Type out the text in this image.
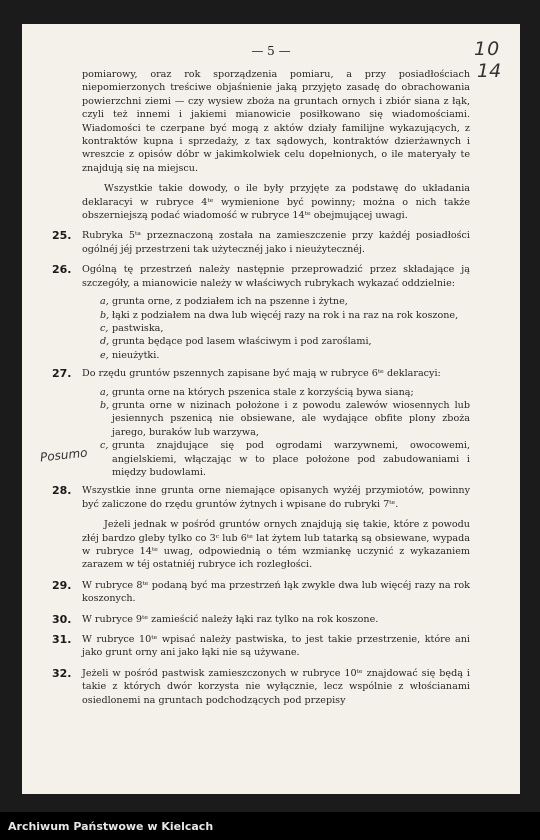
— 5 —	10
14
Posumo

pomiarowy, oraz rok sporządzenia pomiaru, a przy posiadłościach niepomierzonych treściwe objaśnienie jaką przyjęto zasadę do obrachowania powierzchni ziemi — czy wysiew zboża na gruntach ornych i zbiór siana z łąk, czyli też innemi i jakiemi mianowicie posiłkowano się wiadomościami. Wiadomości te czerpane być mogą z aktów działy familijne wykazujących, z kontraktów kupna i sprzedaży, z tax sądowych, kontraktów dzierżawnych i wreszcie z opisów dóbr w jakimkolwiek celu dopełnionych, o ile materyały te znajdują się na miejscu.

Wszystkie takie dowody, o ile były przyjęte za podstawę do układania deklaracyi w rubryce 4ᵗᵉ wymienione być powinny; można o nich także obszerniejszą podać wiadomość w rubryce 14ᵗᵉ obejmującej uwagi.

25.	Rubryka 5ᵗᵃ przeznaczoną została na zamieszczenie przy każdéj posiadłości ogólnéj jéj przestrzeni tak użytecznéj jako i nieużytecznéj.
26.	Ogólną tę przestrzeń należy następnie przeprowadzić przez składające ją szczegóły, a mianowicie należy w właściwych rubrykach wykazać oddzielnie:

a, grunta orne, z podziałem ich na pszenne i żytne,
b, łąki z podziałem na dwa lub więcéj razy na rok i na raz na rok koszone,
c, pastwiska,
d, grunta będące pod lasem właściwym i pod zaroślami,
e, nieużytki.
27.	Do rzędu gruntów pszennych zapisane być mają w rubryce 6ᵗᵉ deklaracyi:

a, grunta orne na których pszenica stale z korzyścią bywa sianą;
b, grunta orne w nizinach położone i z powodu zalewów wiosennych lub jesiennych pszenicą nie obsiewane, ale wydające obfite plony zboża jarego, buraków lub warzywa,
c, grunta znajdujące się pod ogrodami warzywnemi, owocowemi, angielskiemi, włączając w to place położone pod zabudowaniami i między budowlami.
28.	Wszystkie inne grunta orne niemające opisanych wyżéj przymiotów, powinny być zaliczone do rzędu gruntów żytnych i wpisane do rubryki 7ᵗᵉ.

Jeżeli jednak w pośród gruntów ornych znajdują się takie, które z powodu złéj bardzo gleby tylko co 3ᶜ lub 6ᵗᵉ lat żytem lub tatarką są obsiewane, wypada w rubryce 14ᵗᵉ uwag, odpowiednią o tém wzmiankę uczynić z wykazaniem zarazem w téj ostatniéj rubryce ich rozległości.

29.	W rubryce 8ᵗᵉ podaną być ma przestrzeń łąk zwykle dwa lub więcéj razy na rok koszonych.
30.	W rubryce 9ᵗᵉ zamieścić należy łąki raz tylko na rok koszone.
31.	W rubryce 10ᵗᵉ wpisać należy pastwiska, to jest takie przestrzenie, które ani jako grunt orny ani jako łąki nie są używane.
32.	Jeżeli w pośród pastwisk zamieszczonych w rubryce 10ᵗᵉ znajdować się będą i takie z których dwór korzysta nie wyłącznie, lecz wspólnie z włościanami osiedlonemi na gruntach podchodzących pod przepisy
Archiwum Państwowe w Kielcach
